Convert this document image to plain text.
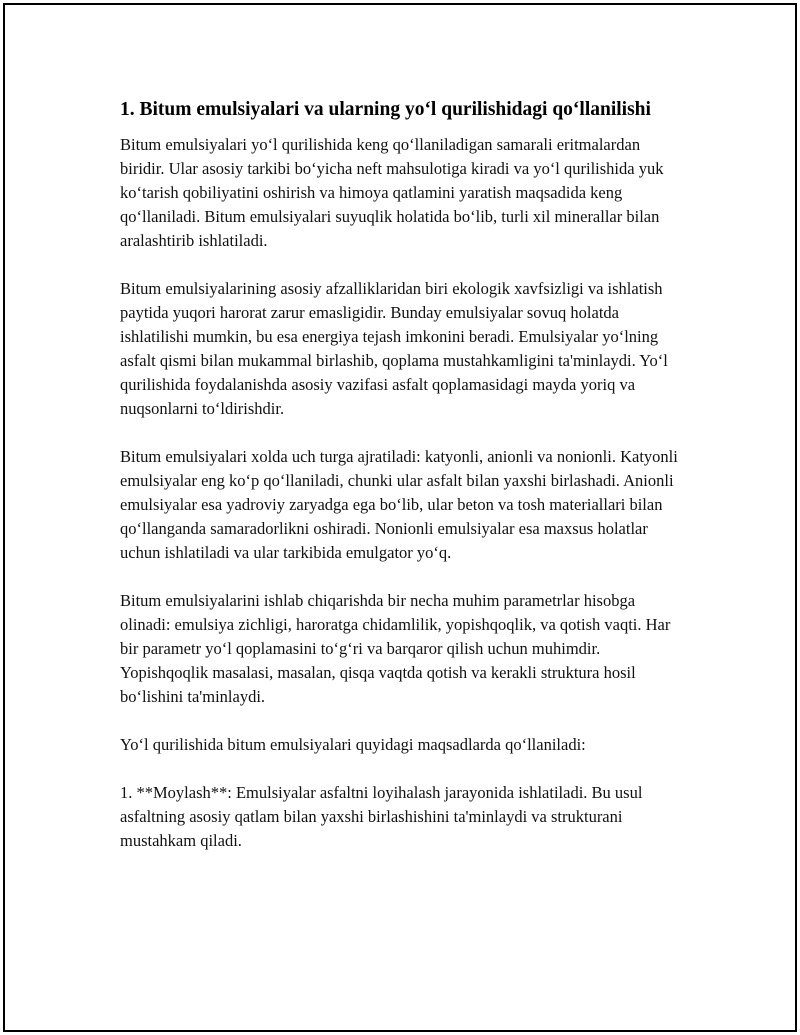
1. Bitum emulsiyalari va ularning yo‘l qurilishidagi qo‘llanilishi

Bitum emulsiyalari yo‘l qurilishida keng qo‘llaniladigan samarali eritmalardan biridir. Ular asosiy tarkibi bo‘yicha neft mahsulotiga kiradi va yo‘l qurilishida yuk ko‘tarish qobiliyatini oshirish va himoya qatlamini yaratish maqsadida keng qo‘llaniladi. Bitum emulsiyalari suyuqlik holatida bo‘lib, turli xil minerallar bilan aralashtirib ishlatiladi.

Bitum emulsiyalarining asosiy afzalliklaridan biri ekologik xavfsizligi va ishlatish paytida yuqori harorat zarur emasligidir. Bunday emulsiyalar sovuq holatda ishlatilishi mumkin, bu esa energiya tejash imkonini beradi. Emulsiyalar yo‘lning asfalt qismi bilan mukammal birlashib, qoplama mustahkamligini ta'minlaydi. Yo‘l qurilishida foydalanishda asosiy vazifasi asfalt qoplamasidagi mayda yoriq va nuqsonlarni to‘ldirishdir.

Bitum emulsiyalari xolda uch turga ajratiladi: katyonli, anionli va nonionli. Katyonli emulsiyalar eng ko‘p qo‘llaniladi, chunki ular asfalt bilan yaxshi birlashadi. Anionli emulsiyalar esa yadroviy zaryadga ega bo‘lib, ular beton va tosh materiallari bilan qo‘llanganda samaradorlikni oshiradi. Nonionli emulsiyalar esa maxsus holatlar uchun ishlatiladi va ular tarkibida emulgator yo‘q.

Bitum emulsiyalarini ishlab chiqarishda bir necha muhim parametrlar hisobga olinadi: emulsiya zichligi, haroratga chidamlilik, yopishqoqlik, va qotish vaqti. Har bir parametr yo‘l qoplamasini to‘g‘ri va barqaror qilish uchun muhimdir. Yopishqoqlik masalasi, masalan, qisqa vaqtda qotish va kerakli struktura hosil bo‘lishini ta'minlaydi.

Yo‘l qurilishida bitum emulsiyalari quyidagi maqsadlarda qo‘llaniladi:

1. **Moylash**: Emulsiyalar asfaltni loyihalash jarayonida ishlatiladi. Bu usul asfaltning asosiy qatlam bilan yaxshi birlashishini ta'minlaydi va strukturani mustahkam qiladi.
